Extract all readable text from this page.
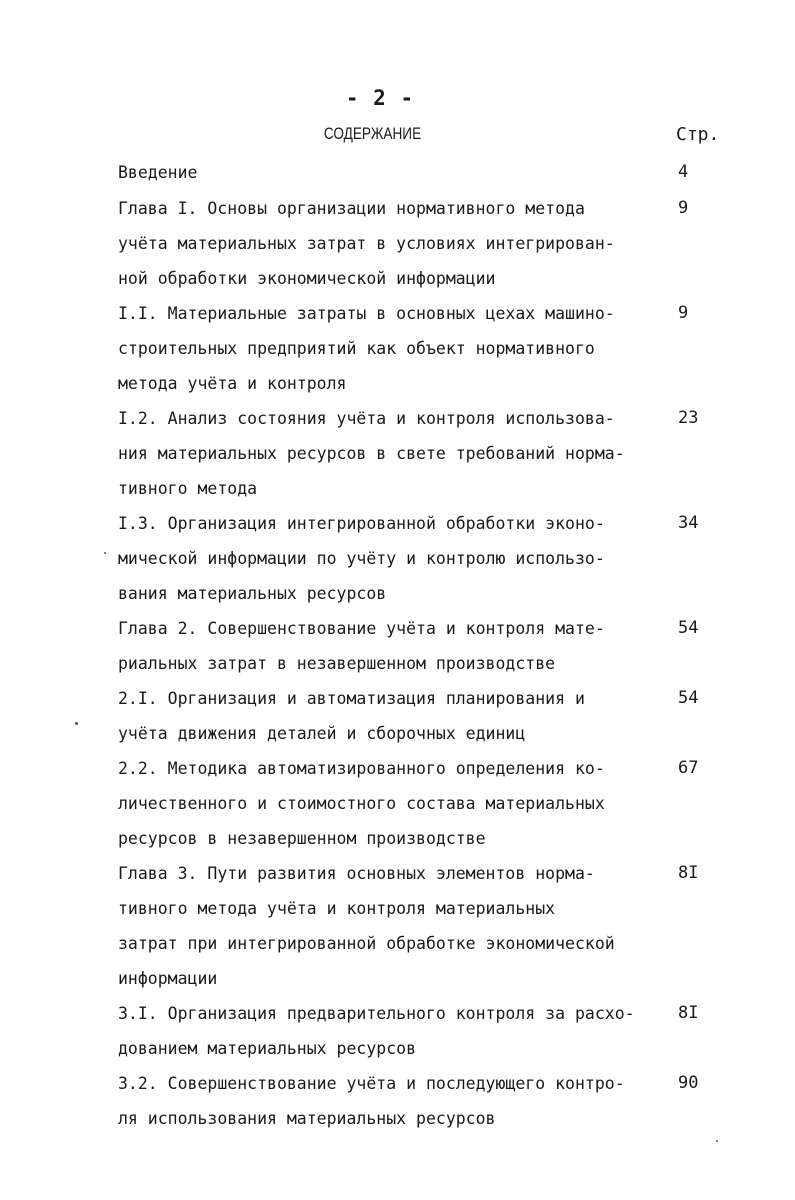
- 2 -
СОДЕРЖАНИЕ	Стр.
Введение	4
Глава I. Основы организации нормативного метода
учёта материальных затрат в условиях интегрирован-
ной обработки экономической информации
9
I.I. Материальные затраты в основных цехах машино-
строительных предприятий как объект нормативного
метода учёта и контроля
9
I.2. Анализ состояния учёта и контроля использова-
ния материальных ресурсов в свете требований норма-
тивного метода
23
I.3. Организация интегрированной обработки эконо-
мической информации по учёту и контролю использо-
вания материальных ресурсов
34
Глава 2. Совершенствование учёта и контроля мате-
риальных затрат в незавершенном производстве
54
2.I. Организация и автоматизация планирования и
учёта движения деталей и сборочных единиц
54
2.2. Методика автоматизированного определения ко-
личественного и стоимостного состава материальных
ресурсов в незавершенном производстве
67
Глава 3. Пути развития основных элементов норма-
тивного метода учёта и контроля материальных
затрат при интегрированной обработке экономической
информации
8I
3.I. Организация предварительного контроля за расхо-
дованием материальных ресурсов
8I
3.2. Совершенствование учёта и последующего контро-
ля использования материальных ресурсов
90
